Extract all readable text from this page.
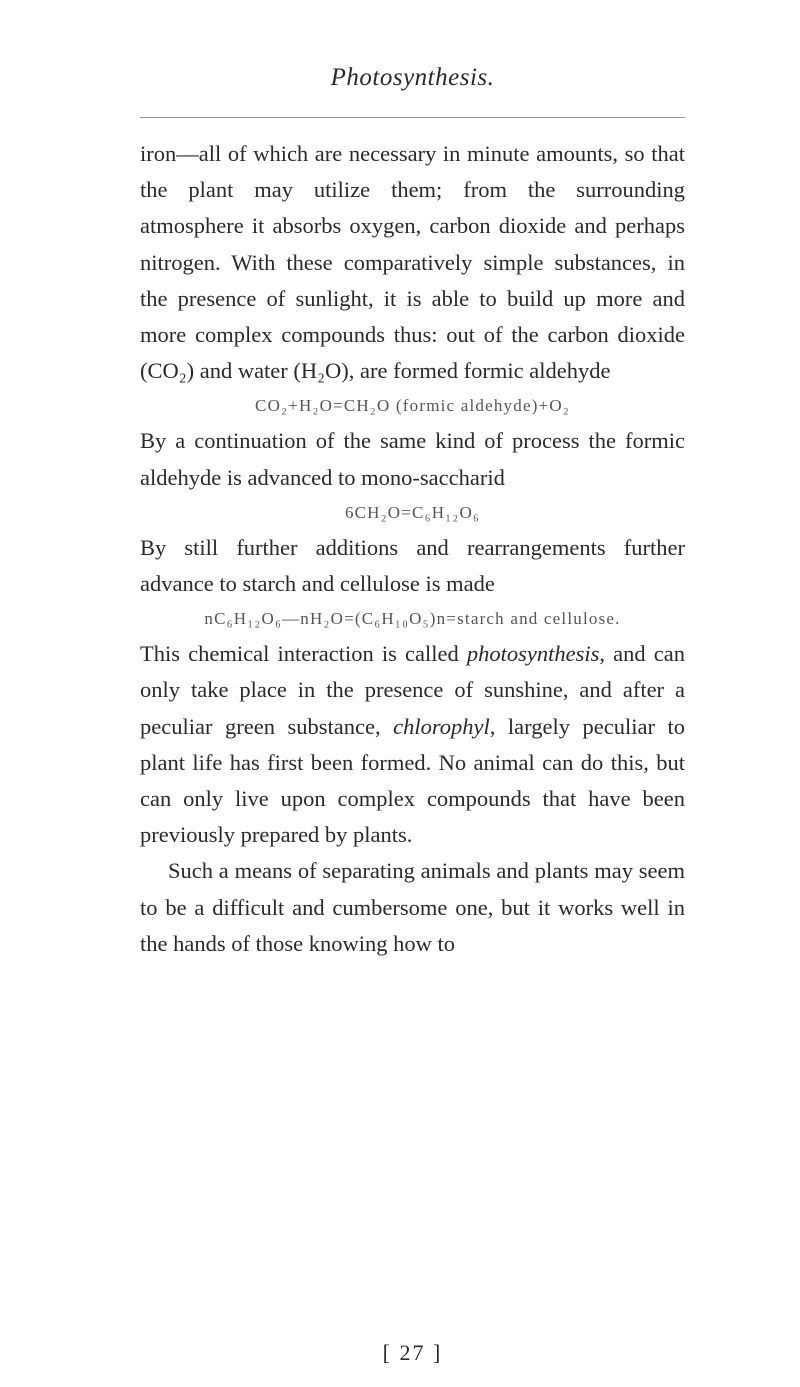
Photosynthesis.

iron—all of which are necessary in minute amounts, so that the plant may utilize them; from the surrounding atmosphere it absorbs oxygen, carbon dioxide and perhaps nitrogen. With these comparatively simple substances, in the presence of sunlight, it is able to build up more and more complex compounds thus: out of the carbon dioxide (CO₂) and water (H₂O), are formed formic aldehyde

CO₂+H₂O=CH₂O (formic aldehyde)+O₂

By a continuation of the same kind of process the formic aldehyde is advanced to mono-saccharid

6CH₂O=C₆H₁₂O₆

By still further additions and rearrangements further advance to starch and cellulose is made

nC₆H₁₂O₆—nH₂O=(C₆H₁₀O₅)n=starch and cellulose.

This chemical interaction is called photosynthesis, and can only take place in the presence of sunshine, and after a peculiar green substance, chlorophyl, largely peculiar to plant life has first been formed. No animal can do this, but can only live upon complex compounds that have been previously prepared by plants.

Such a means of separating animals and plants may seem to be a difficult and cumbersome one, but it works well in the hands of those knowing how to

[ 27 ]
